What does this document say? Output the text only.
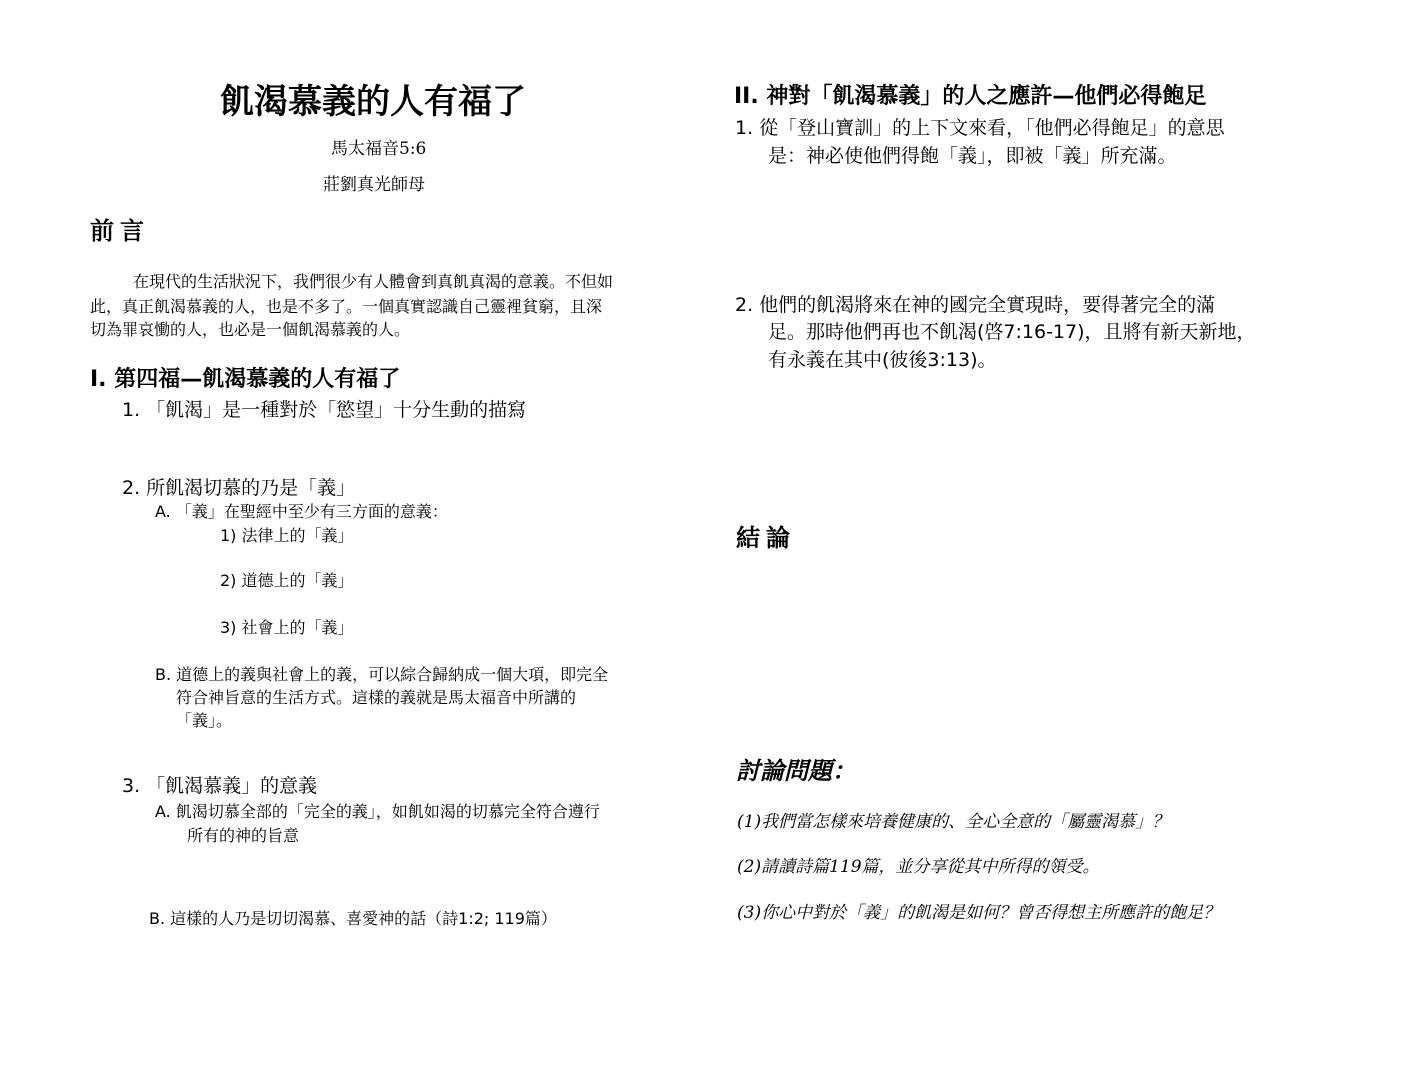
飢渴慕義的人有福了

馬太福音5:6

莊劉真光師母

前言

在現代的生活狀況下，我們很少有人體會到真飢真渴的意義。不但如

此，真正飢渴慕義的人，也是不多了。一個真實認識自己靈裡貧窮，且深

切為罪哀慟的人，也必是一個飢渴慕義的人。

I. 第四福—飢渴慕義的人有福了

1. 「飢渴」是一種對於「慾望」十分生動的描寫

2. 所飢渴切慕的乃是「義」

A. 「義」在聖經中至少有三方面的意義：

1) 法律上的「義」

2) 道德上的「義」

3) 社會上的「義」

B. 道德上的義與社會上的義，可以綜合歸納成一個大項，即完全

符合神旨意的生活方式。這樣的義就是馬太福音中所講的

「義」。

3. 「飢渴慕義」的意義

A. 飢渴切慕全部的「完全的義」，如飢如渴的切慕完全符合遵行

所有的神的旨意

B. 這樣的人乃是切切渴慕、喜愛神的話（詩1:2; 119篇）

II. 神對「飢渴慕義」的人之應許—他們必得飽足

1. 從「登山寶訓」的上下文來看，「他們必得飽足」的意思

是：神必使他們得飽「義」，即被「義」所充滿。

2. 他們的飢渴將來在神的國完全實現時，要得著完全的滿

足。那時他們再也不飢渴(啓7:16-17)，且將有新天新地，

有永義在其中(彼後3:13)。

結論
討論問題：

(1)我們當怎樣來培養健康的、全心全意的「屬靈渴慕」？

(2)請讀詩篇119篇，並分享從其中所得的領受。

(3)你心中對於「義」的飢渴是如何？曾否得想主所應許的飽足？
